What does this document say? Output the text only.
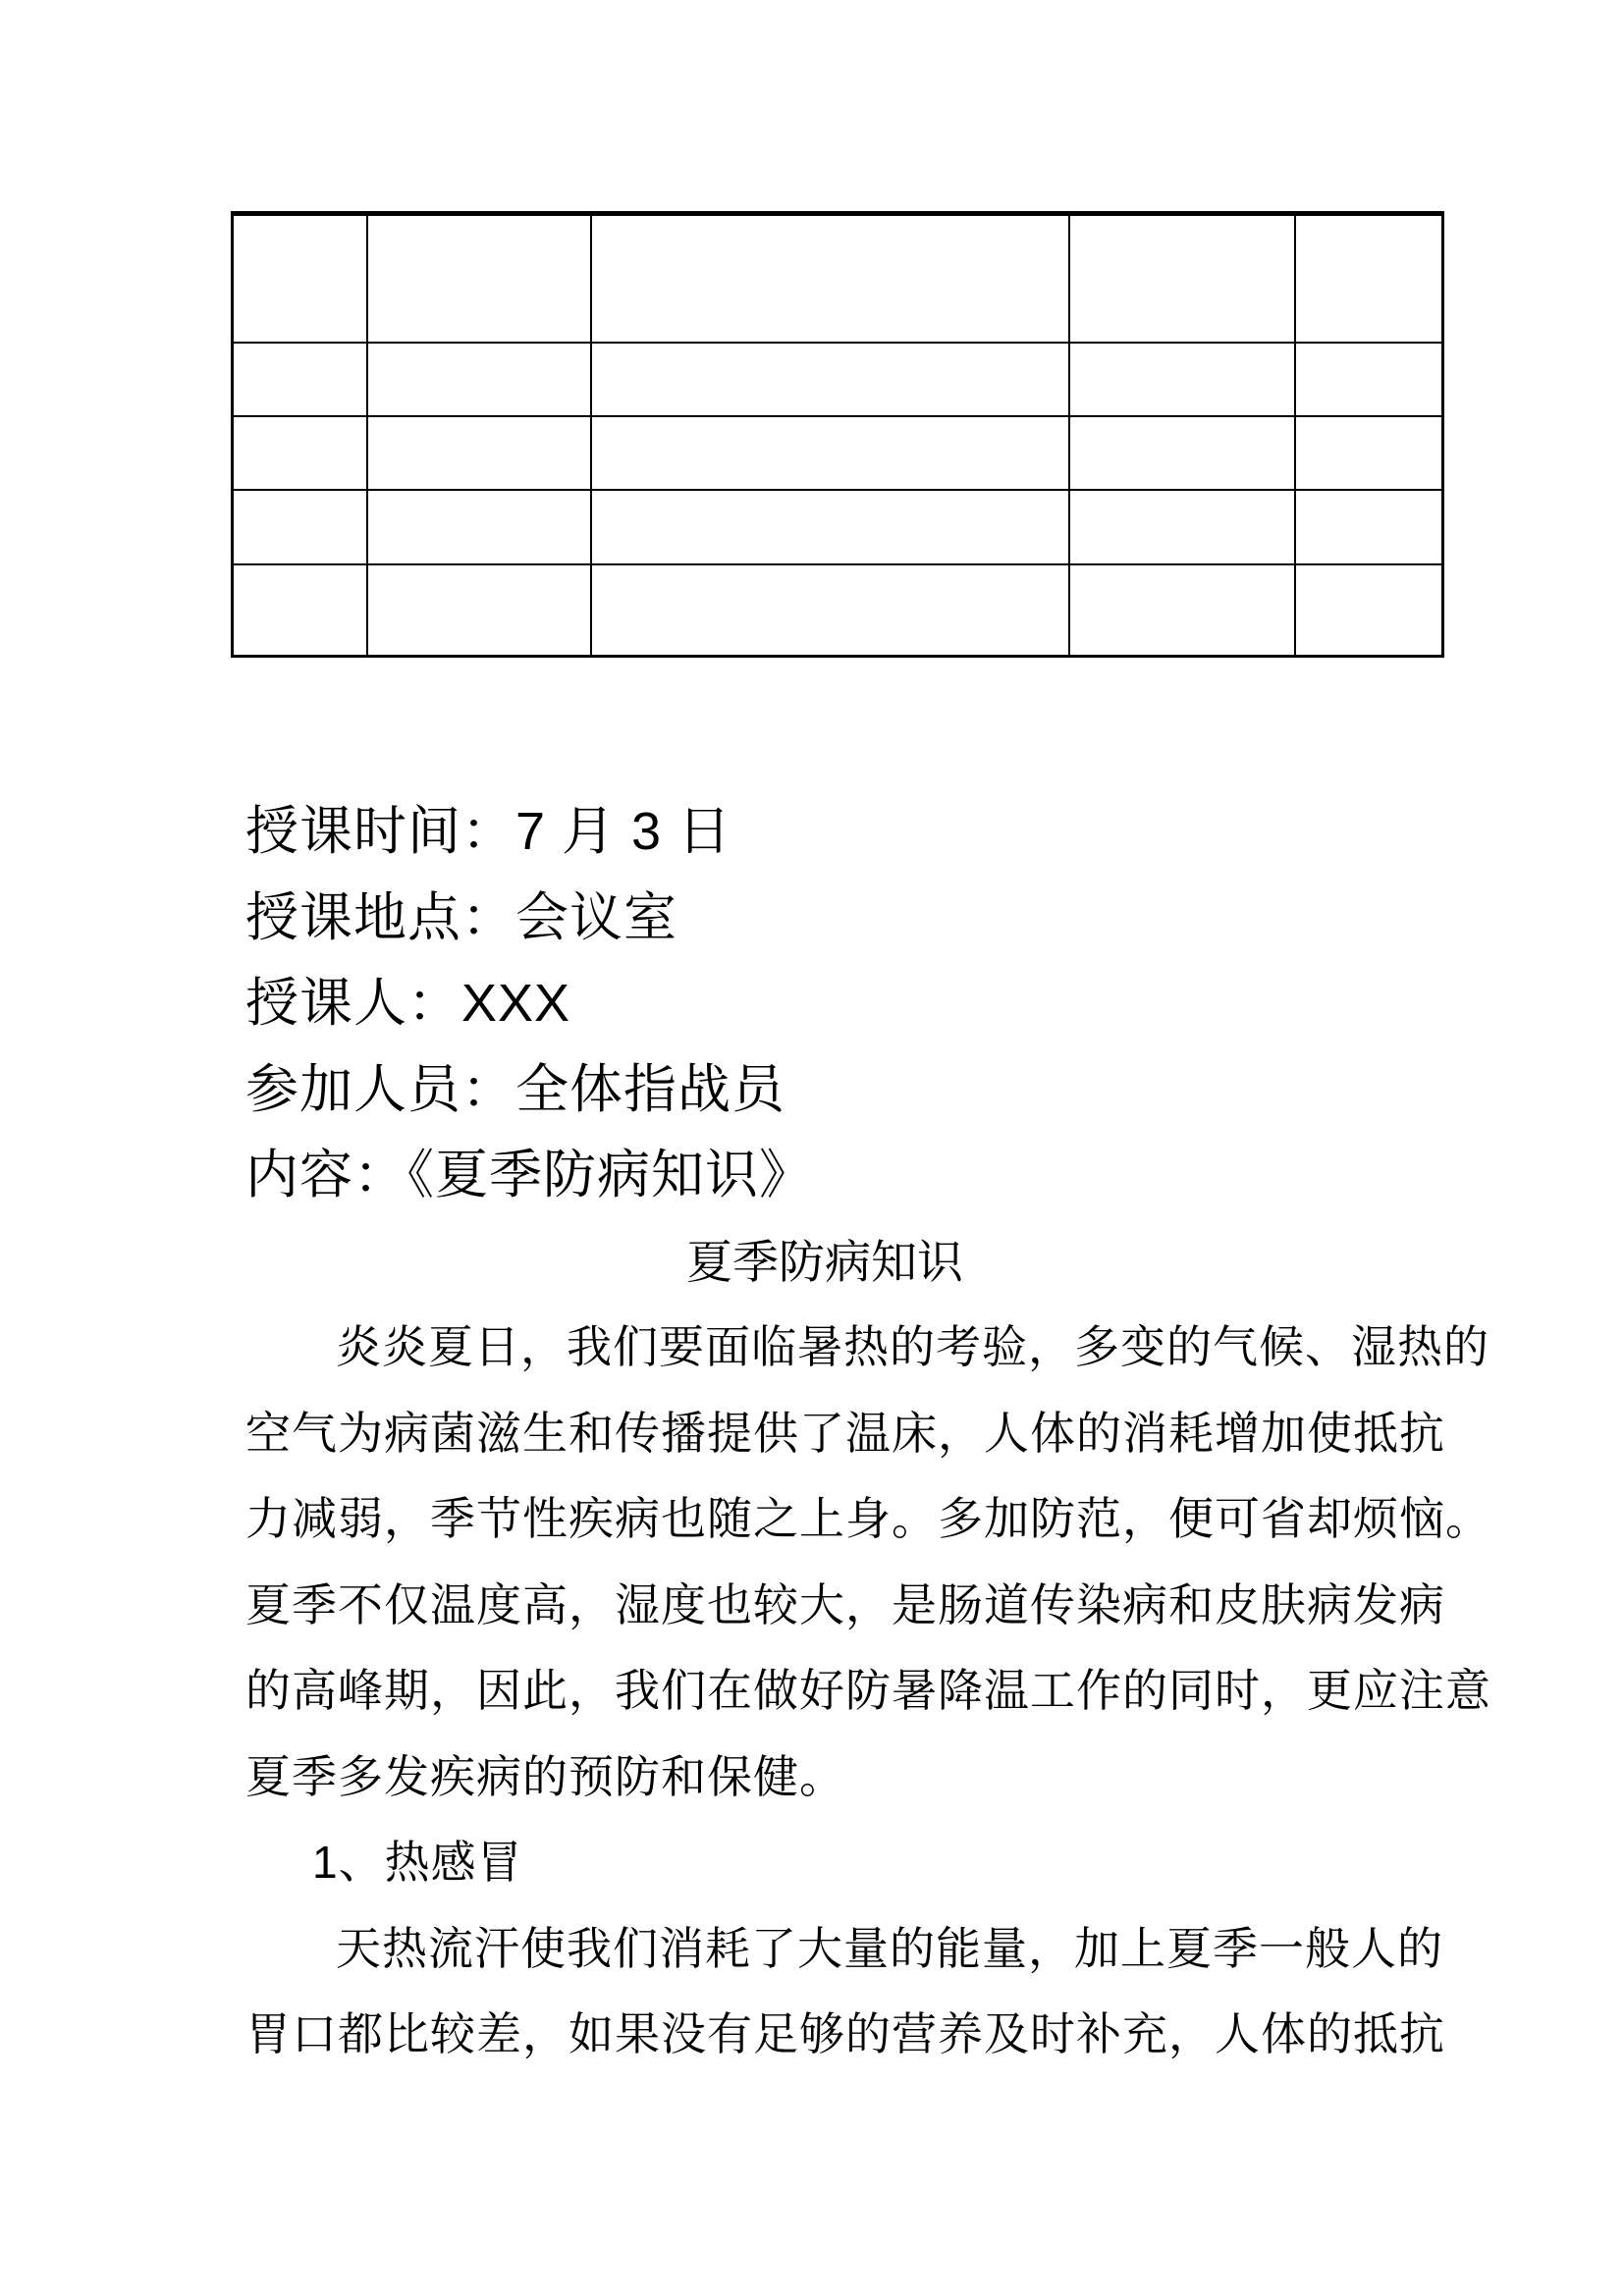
授课时间：7 月 3 日
授课地点：会议室
授课人：XXX
参加人员：全体指战员
内容：《夏季防病知识》
夏季防病知识
炎炎夏日，我们要面临暑热的考验，多变的气候、湿热的
空气为病菌滋生和传播提供了温床，人体的消耗增加使抵抗
力减弱，季节性疾病也随之上身。多加防范，便可省却烦恼。
夏季不仅温度高，湿度也较大，是肠道传染病和皮肤病发病
的高峰期，因此，我们在做好防暑降温工作的同时，更应注意
夏季多发疾病的预防和保健。
1、热感冒
天热流汗使我们消耗了大量的能量，加上夏季一般人的
胃口都比较差，如果没有足够的营养及时补充，人体的抵抗
